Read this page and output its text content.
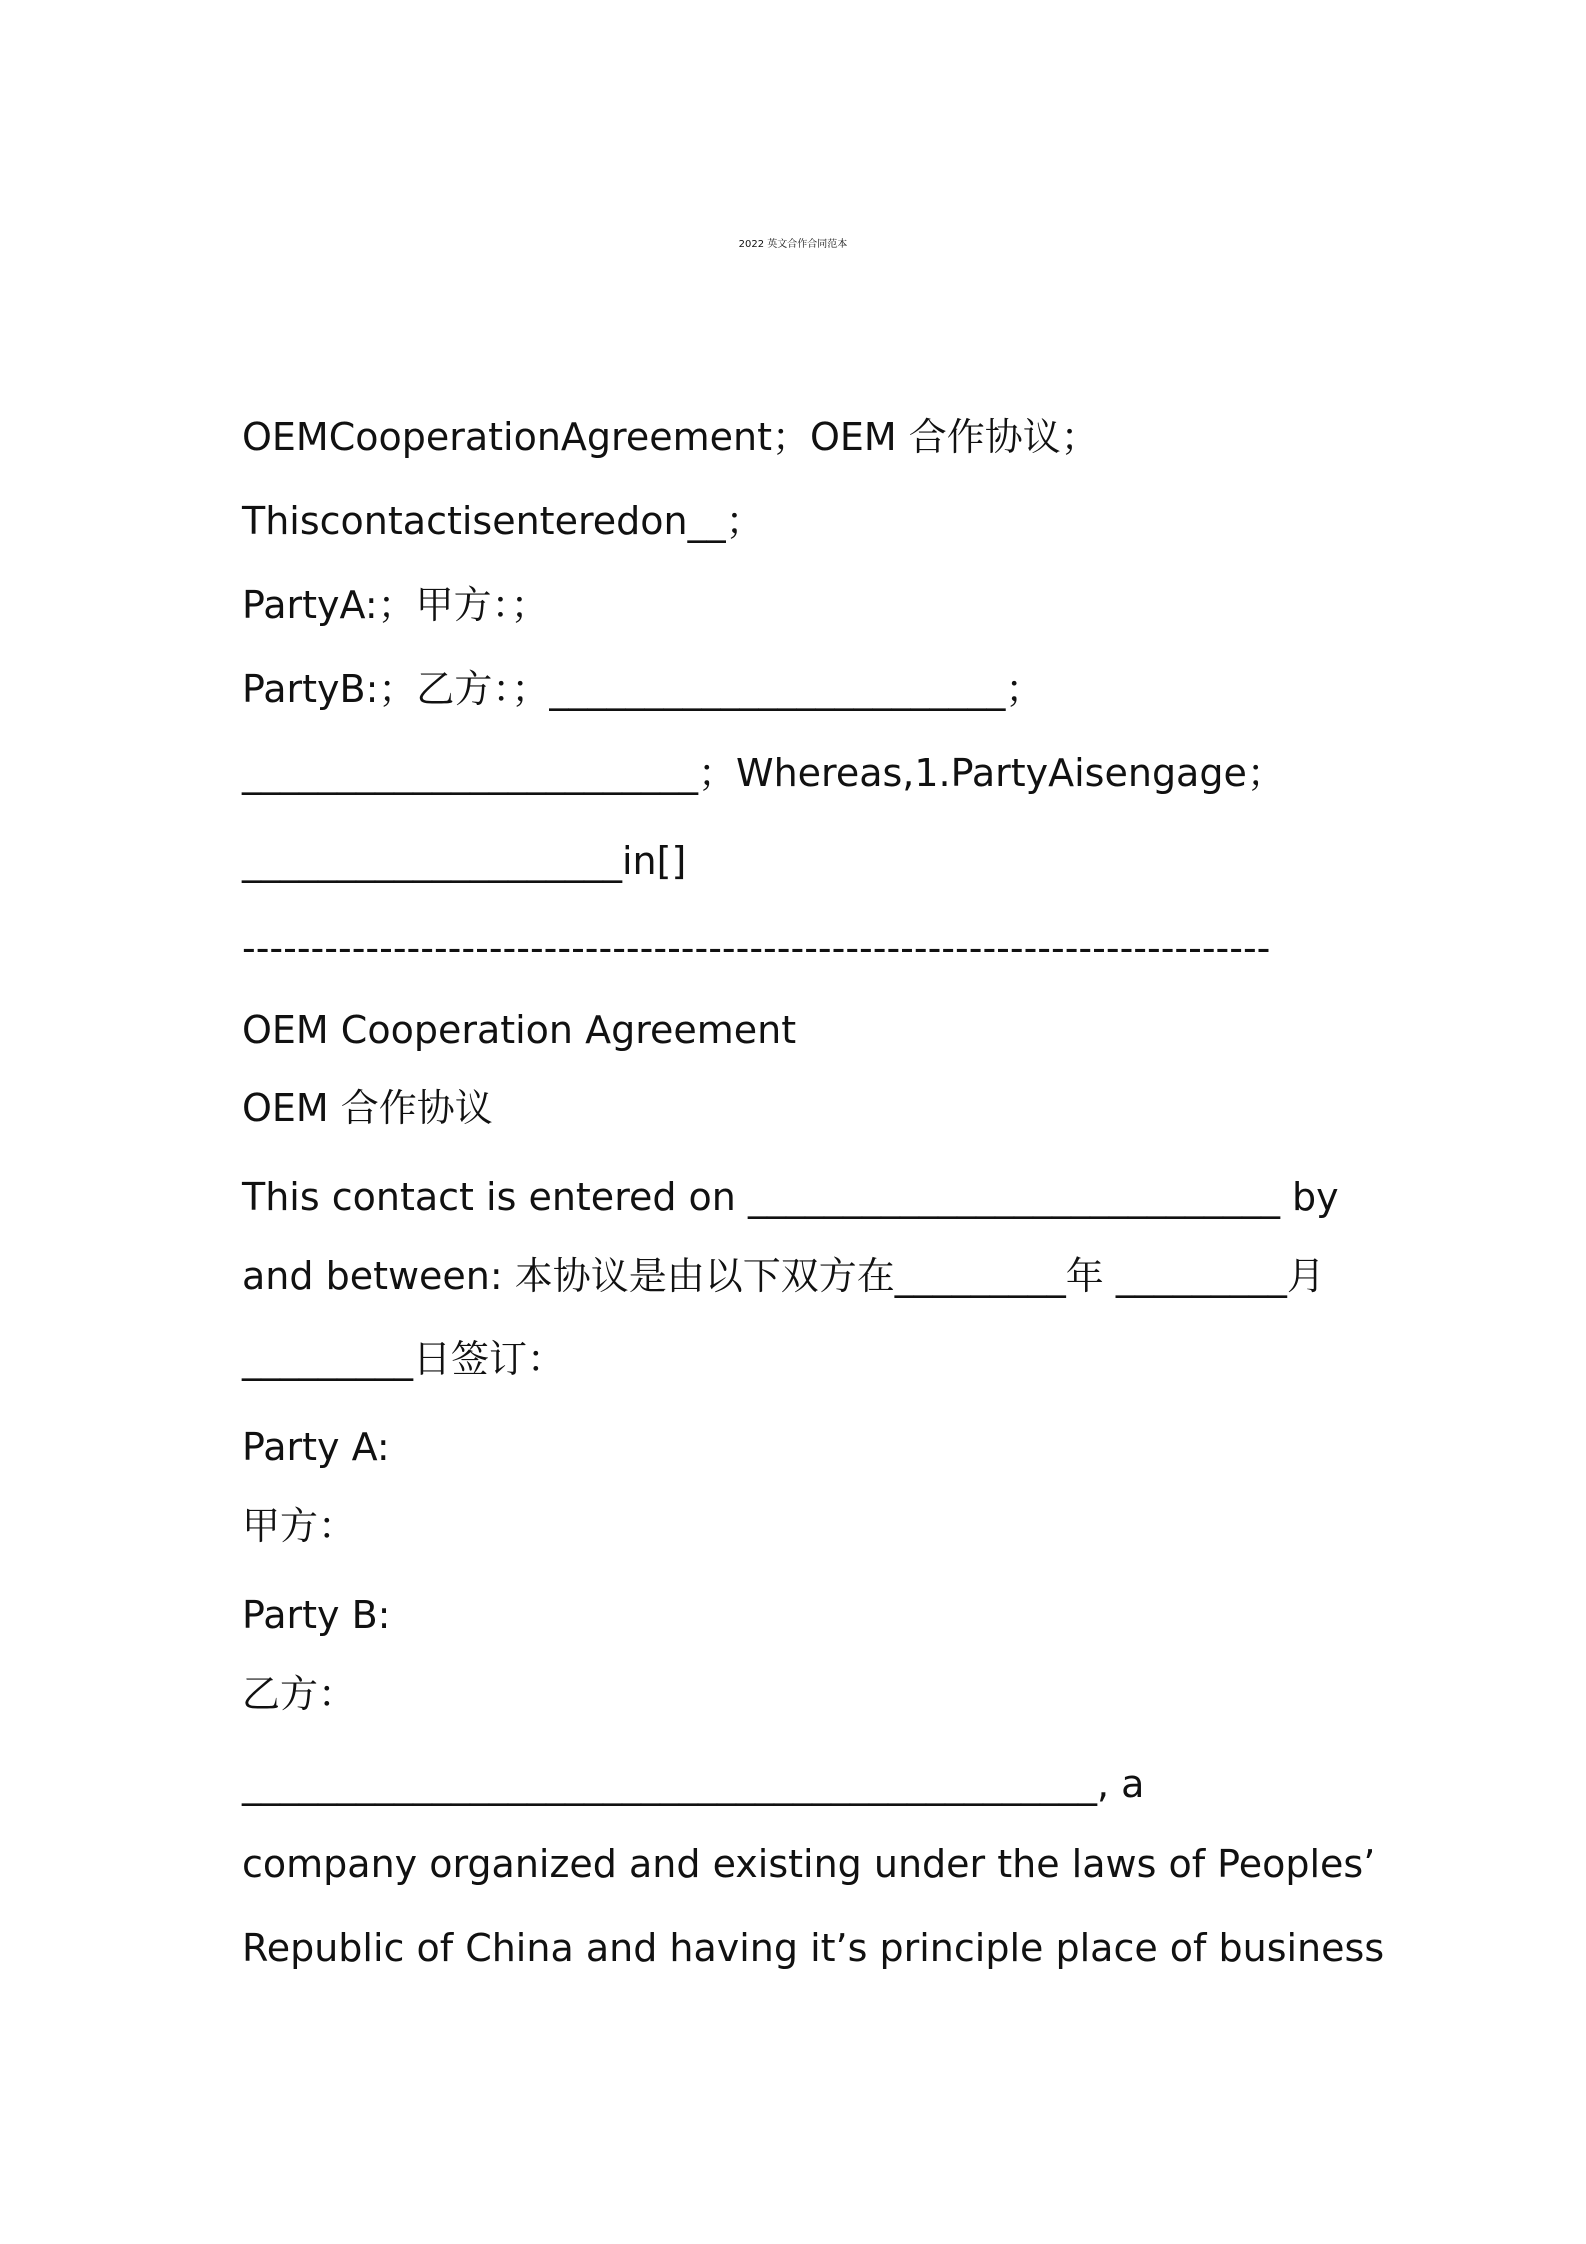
2022 英文合作合同范本
OEMCooperationAgreement；OEM 合作协议；
Thiscontactisenteredon__；
PartyA:；甲方：；
PartyB:；乙方：；________________________；
________________________；Whereas,1.PartyAisengage；
____________________in[]
---------------------------------------------------------------------------
OEM Cooperation Agreement
OEM 合作协议
This contact is entered on ____________________________ by
and between: 本协议是由以下双方在_________年 _________月
_________日签订：
Party A:
甲方：
Party B:
乙方：
_____________________________________________, a
company organized and existing under the laws of Peoples’
Republic of China and having it’s principle place of business
